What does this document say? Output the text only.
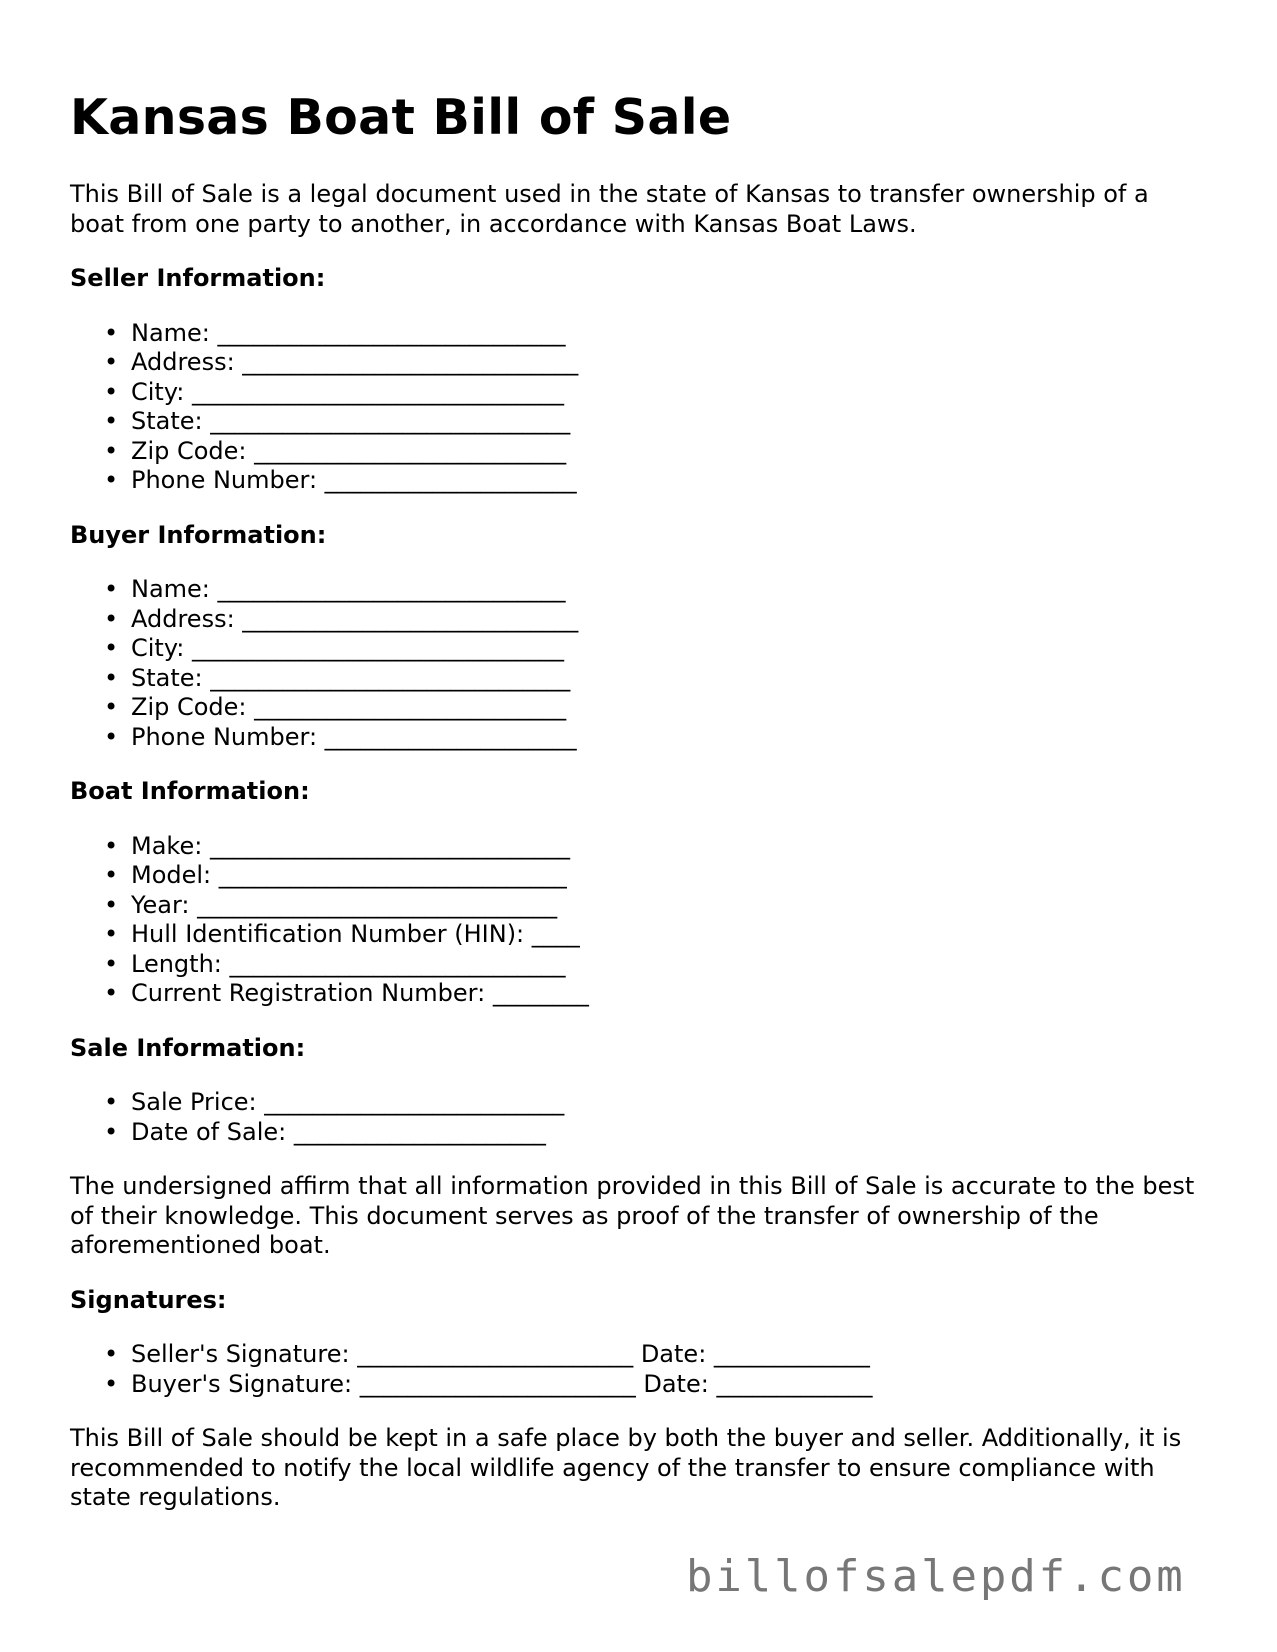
Kansas Boat Bill of Sale

This Bill of Sale is a legal document used in the state of Kansas to transfer ownership of a boat from one party to another, in accordance with Kansas Boat Laws.

Seller Information:
• Name: _____________________________
• Address: ____________________________
• City: _______________________________
• State: ______________________________
• Zip Code: __________________________
• Phone Number: _____________________
Buyer Information:
• Name: _____________________________
• Address: ____________________________
• City: _______________________________
• State: ______________________________
• Zip Code: __________________________
• Phone Number: _____________________
Boat Information:
• Make: ______________________________
• Model: _____________________________
• Year: ______________________________
• Hull Identification Number (HIN): ____
• Length: ____________________________
• Current Registration Number: ________
Sale Information:
• Sale Price: _________________________
• Date of Sale: _____________________

The undersigned affirm that all information provided in this Bill of Sale is accurate to the best of their knowledge. This document serves as proof of the transfer of ownership of the aforementioned boat.

Signatures:
• Seller's Signature: _______________________ Date: _____________
• Buyer's Signature: _______________________ Date: _____________

This Bill of Sale should be kept in a safe place by both the buyer and seller. Additionally, it is recommended to notify the local wildlife agency of the transfer to ensure compliance with state regulations.

billofsalepdf.com
